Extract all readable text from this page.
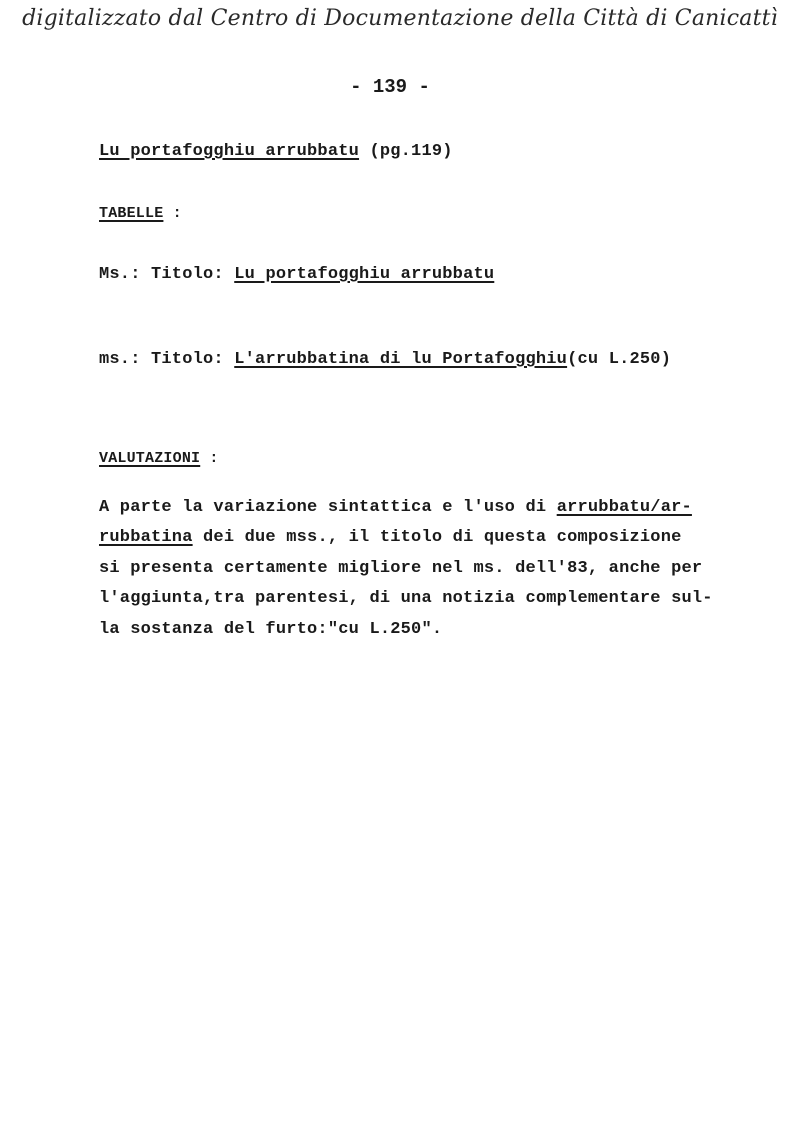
digitalizzato dal Centro di Documentazione della Città di Canicattì
- 139 -
Lu portafogghiu arrubbatu (pg.119)
TABELLE :
Ms.: Titolo: Lu portafogghiu arrubbatu
ms.: Titolo: L'arrubbatina di lu Portafogghiu(cu L.250)
VALUTAZIONI :
A parte la variazione sintattica e l'uso di arrubbatu/ar-
rubbatina dei due mss., il titolo di questa composizione
si presenta certamente migliore nel ms. dell'83, anche per
l'aggiunta,tra parentesi, di una notizia complementare sul-
la sostanza del furto:"cu L.250".
